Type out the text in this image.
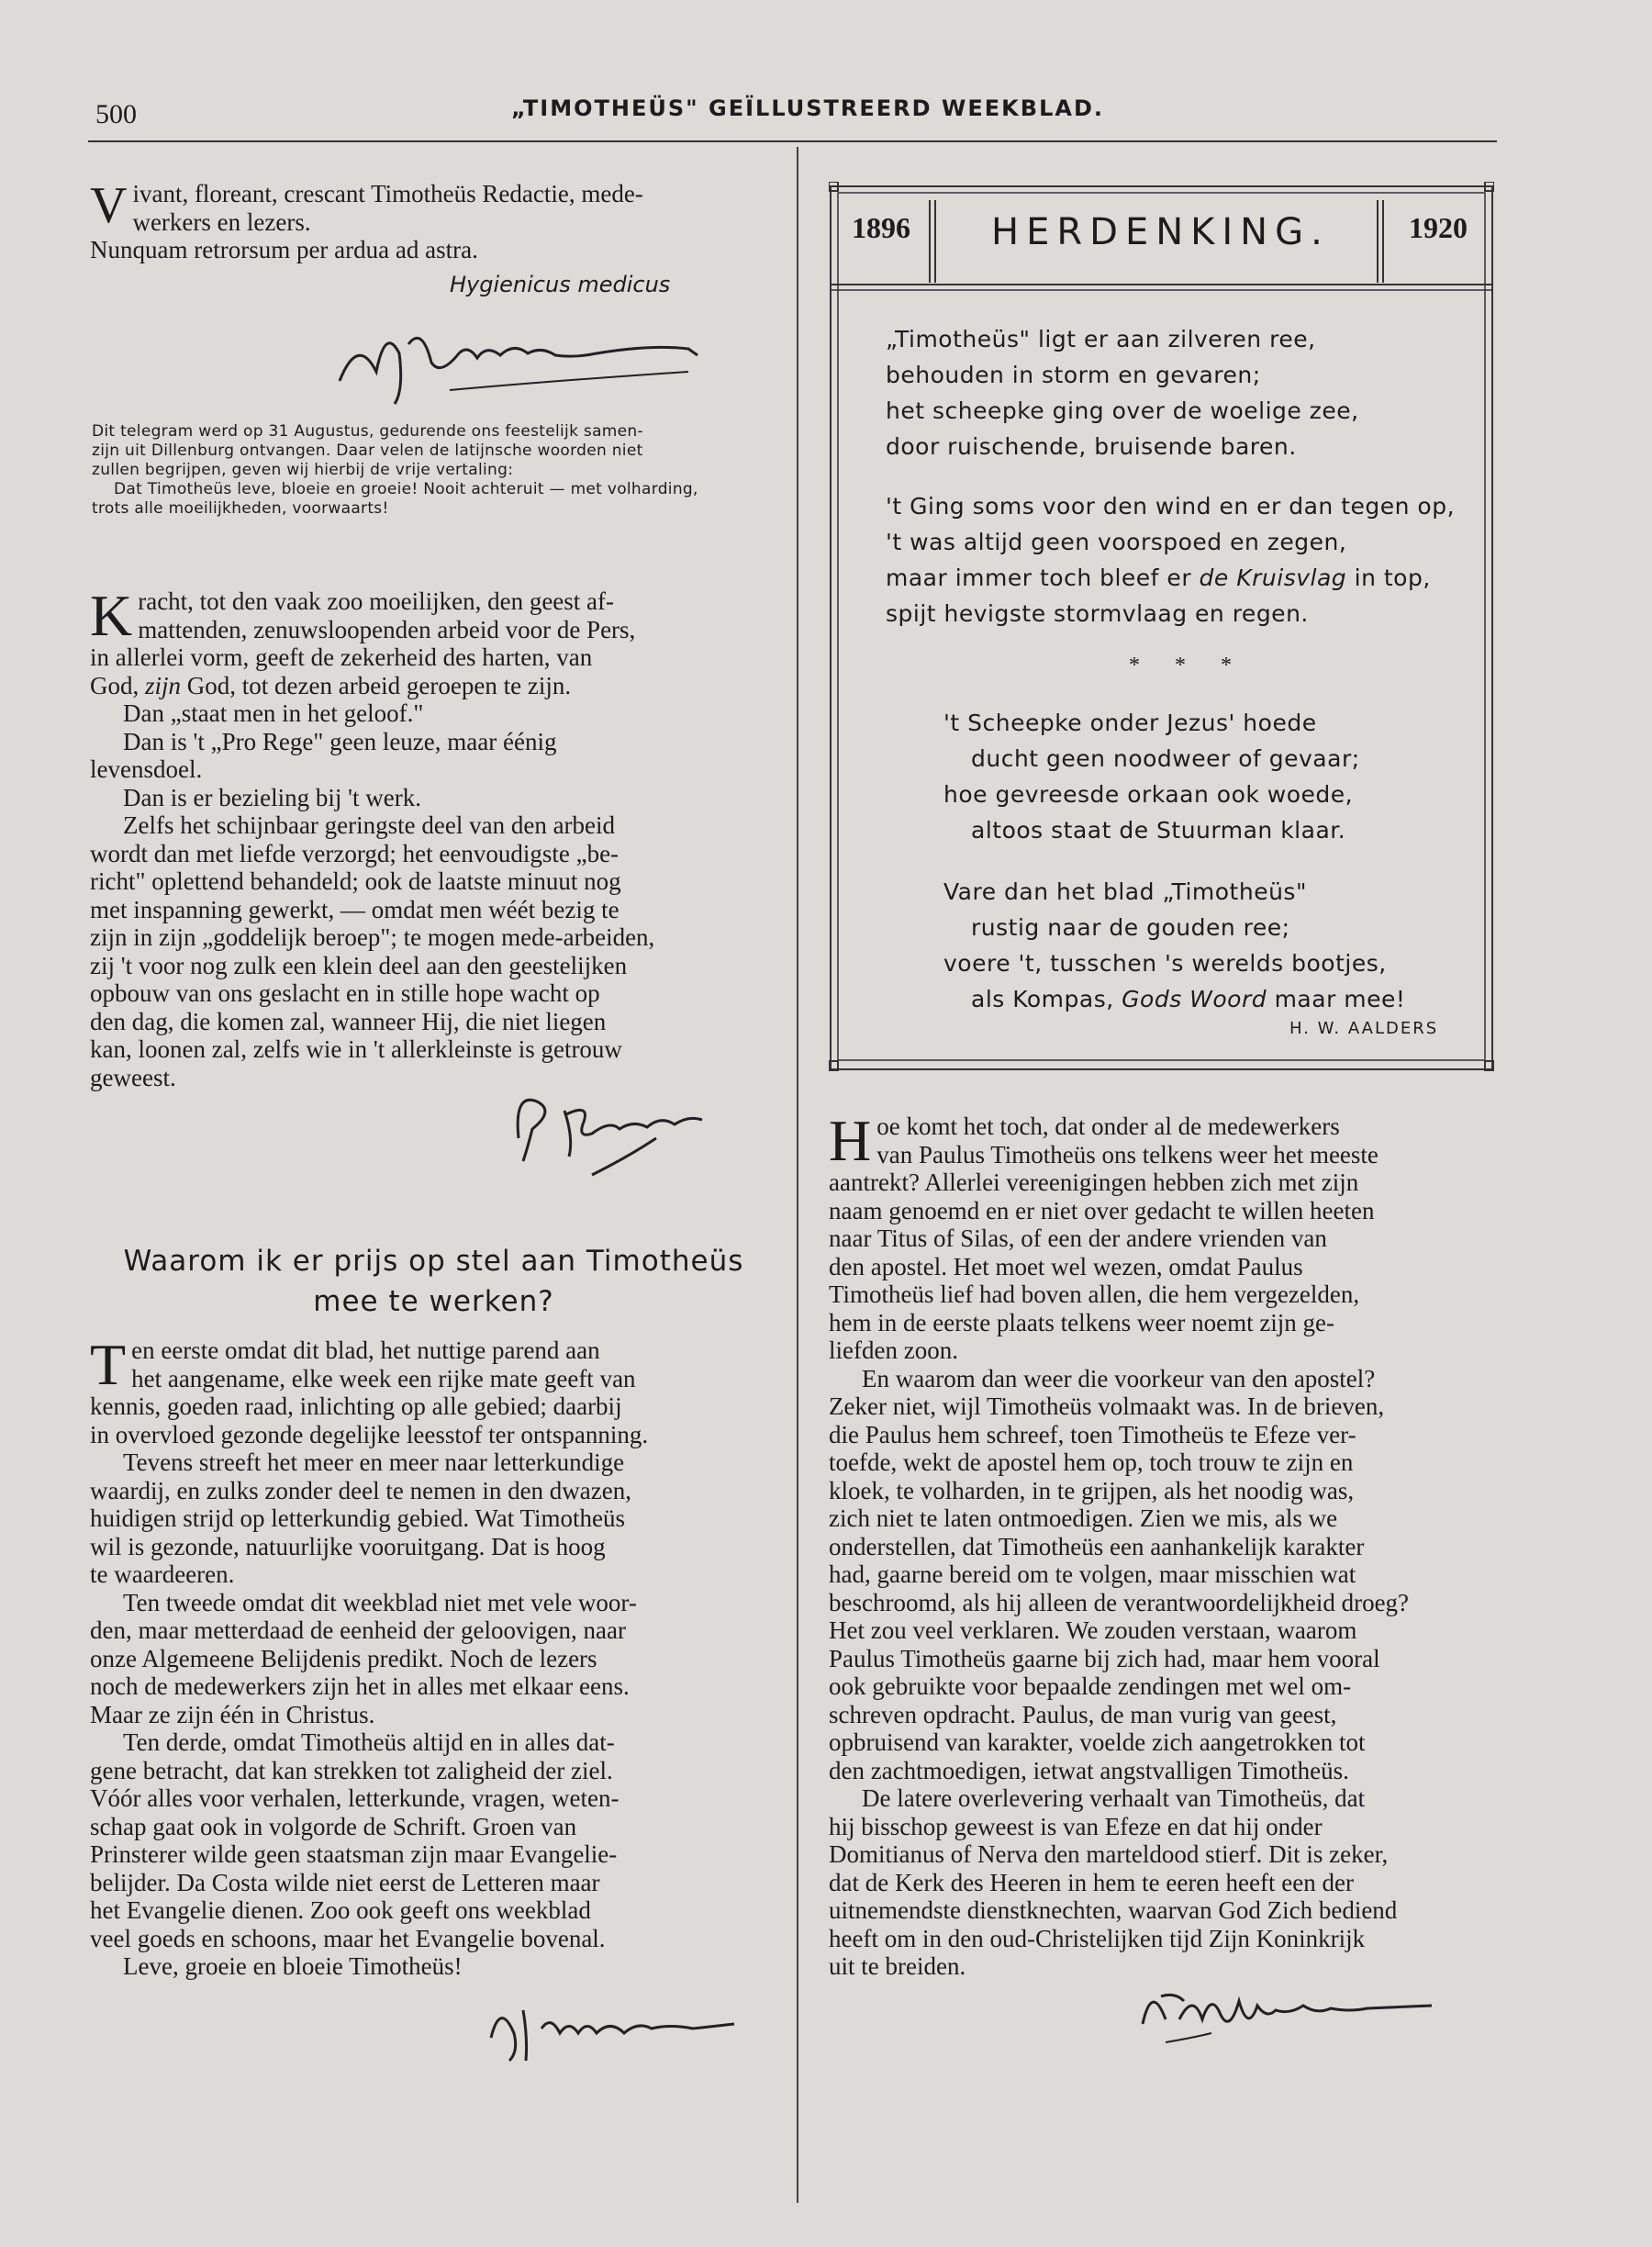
500	„TIMOTHEÜS" GEÏLLUSTREERD WEEKBLAD.
V ivant, floreant, crescant Timotheüs Redactie, mede-

werkers en lezers.

Nunquam retrorsum per ardua ad astra.

Hygienicus medicus

Dit telegram werd op 31 Augustus, gedurende ons feestelijk samen-

zijn uit Dillenburg ontvangen. Daar velen de latijnsche woorden niet

zullen begrijpen, geven wij hierbij de vrije vertaling:

Dat Timotheüs leve, bloeie en groeie! Nooit achteruit — met volharding,

trots alle moeilijkheden, voorwaarts!

K racht, tot den vaak zoo moeilijken, den geest af-

mattenden, zenuwsloopenden arbeid voor de Pers,

in allerlei vorm, geeft de zekerheid des harten, van

God, zijn God, tot dezen arbeid geroepen te zijn.

Dan „staat men in het geloof."

Dan is 't „Pro Rege" geen leuze, maar éénig

levensdoel.

Dan is er bezieling bij 't werk.

Zelfs het schijnbaar geringste deel van den arbeid

wordt dan met liefde verzorgd; het eenvoudigste „be-

richt" oplettend behandeld; ook de laatste minuut nog

met inspanning gewerkt, — omdat men wéét bezig te

zijn in zijn „goddelijk beroep"; te mogen mede-arbeiden,

zij 't voor nog zulk een klein deel aan den geestelijken

opbouw van ons geslacht en in stille hope wacht op

den dag, die komen zal, wanneer Hij, die niet liegen

kan, loonen zal, zelfs wie in 't allerkleinste is getrouw

geweest.

Waarom ik er prijs op stel aan Timotheüs
mee te werken?
T en eerste omdat dit blad, het nuttige parend aan

het aangename, elke week een rijke mate geeft van

kennis, goeden raad, inlichting op alle gebied; daarbij

in overvloed gezonde degelijke leesstof ter ontspanning.

Tevens streeft het meer en meer naar letterkundige

waardij, en zulks zonder deel te nemen in den dwazen,

huidigen strijd op letterkundig gebied. Wat Timotheüs

wil is gezonde, natuurlijke vooruitgang. Dat is hoog

te waardeeren.

Ten tweede omdat dit weekblad niet met vele woor-

den, maar metterdaad de eenheid der geloovigen, naar

onze Algemeene Belijdenis predikt. Noch de lezers

noch de medewerkers zijn het in alles met elkaar eens.

Maar ze zijn één in Christus.

Ten derde, omdat Timotheüs altijd en in alles dat-

gene betracht, dat kan strekken tot zaligheid der ziel.

Vóór alles voor verhalen, letterkunde, vragen, weten-

schap gaat ook in volgorde de Schrift. Groen van

Prinsterer wilde geen staatsman zijn maar Evangelie-

belijder. Da Costa wilde niet eerst de Letteren maar

het Evangelie dienen. Zoo ook geeft ons weekblad

veel goeds en schoons, maar het Evangelie bovenal.

Leve, groeie en bloeie Timotheüs!

1896 HERDENKING.	1920

„Timotheüs" ligt er aan zilveren ree,

behouden in storm en gevaren;

het scheepke ging over de woelige zee,

door ruischende, bruisende baren.

't Ging soms voor den wind en er dan tegen op,

't was altijd geen voorspoed en zegen,

maar immer toch bleef er de Kruisvlag in top,

spijt hevigste stormvlaag en regen.

* * *

't Scheepke onder Jezus' hoede

ducht geen noodweer of gevaar;

hoe gevreesde orkaan ook woede,

altoos staat de Stuurman klaar.

Vare dan het blad „Timotheüs"

rustig naar de gouden ree;

voere 't, tusschen 's werelds bootjes,

als Kompas, Gods Woord maar mee!

H. W. AALDERS
H oe komt het toch, dat onder al de medewerkers

van Paulus Timotheüs ons telkens weer het meeste

aantrekt? Allerlei vereenigingen hebben zich met zijn

naam genoemd en er niet over gedacht te willen heeten

naar Titus of Silas, of een der andere vrienden van

den apostel. Het moet wel wezen, omdat Paulus

Timotheüs lief had boven allen, die hem vergezelden,

hem in de eerste plaats telkens weer noemt zijn ge-

liefden zoon.

En waarom dan weer die voorkeur van den apostel?

Zeker niet, wijl Timotheüs volmaakt was. In de brieven,

die Paulus hem schreef, toen Timotheüs te Efeze ver-

toefde, wekt de apostel hem op, toch trouw te zijn en

kloek, te volharden, in te grijpen, als het noodig was,

zich niet te laten ontmoedigen. Zien we mis, als we

onderstellen, dat Timotheüs een aanhankelijk karakter

had, gaarne bereid om te volgen, maar misschien wat

beschroomd, als hij alleen de verantwoordelijkheid droeg?

Het zou veel verklaren. We zouden verstaan, waarom

Paulus Timotheüs gaarne bij zich had, maar hem vooral

ook gebruikte voor bepaalde zendingen met wel om-

schreven opdracht. Paulus, de man vurig van geest,

opbruisend van karakter, voelde zich aangetrokken tot

den zachtmoedigen, ietwat angstvalligen Timotheüs.

De latere overlevering verhaalt van Timotheüs, dat

hij bisschop geweest is van Efeze en dat hij onder

Domitianus of Nerva den marteldood stierf. Dit is zeker,

dat de Kerk des Heeren in hem te eeren heeft een der

uitnemendste dienstknechten, waarvan God Zich bediend

heeft om in den oud-Christelijken tijd Zijn Koninkrijk

uit te breiden.
